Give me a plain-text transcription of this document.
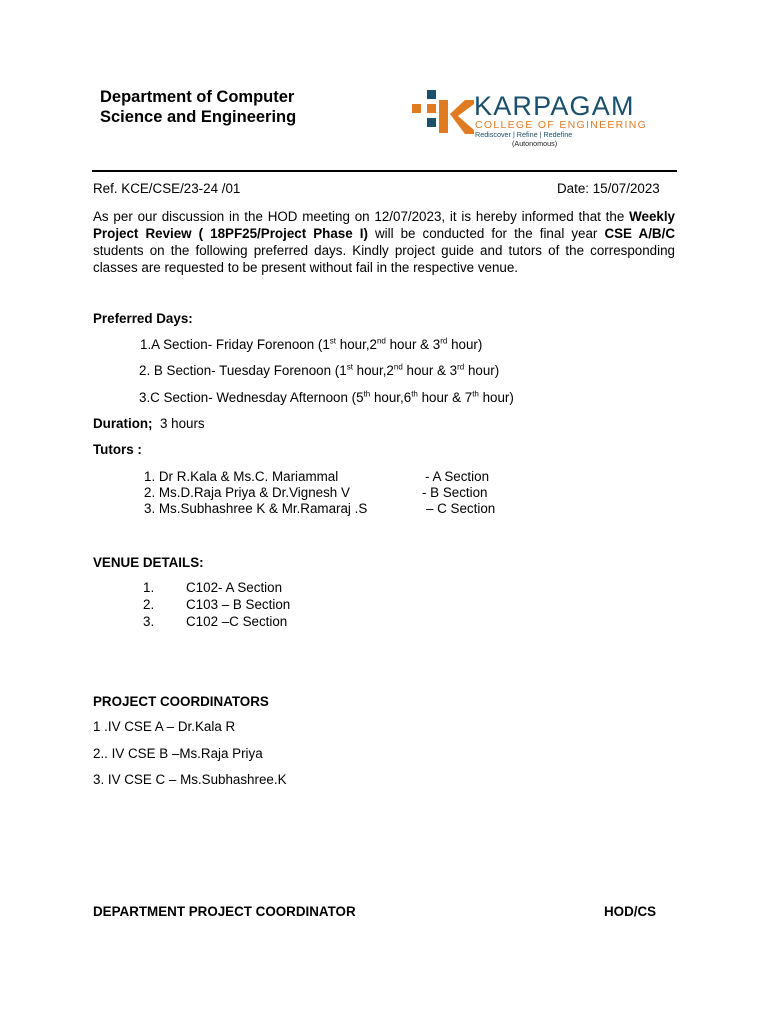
Department of Computer
Science and Engineering	KARPAGAM
COLLEGE OF ENGINEERING
Rediscover | Refine | Redefine
(Autonomous)
Ref. KCE/CSE/23-24 /01	Date: 15/07/2023
As per our discussion in the HOD meeting on 12/07/2023, it is hereby informed that the Weekly Project Review ( 18PF25/Project Phase I) will be conducted for the final year CSE A/B/C students on the following preferred days. Kindly project guide and tutors of the corresponding classes are requested to be present without fail in the respective venue.
Preferred Days:
1.A Section- Friday Forenoon (1st hour,2nd hour & 3rd hour)
2. B Section- Tuesday Forenoon (1st hour,2nd hour & 3rd hour)
3.C Section- Wednesday Afternoon (5th hour,6th hour & 7th hour)
Duration; 3 hours
Tutors :
1. Dr R.Kala & Ms.C. Mariammal	- A Section
2. Ms.D.Raja Priya & Dr.Vignesh V	- B Section
3. Ms.Subhashree K & Mr.Ramaraj .S	– C Section
VENUE DETAILS:
1. C102- A Section
2. C103 – B Section
3. C102 –C Section
PROJECT COORDINATORS
1 .IV CSE A – Dr.Kala R
2.. IV CSE B –Ms.Raja Priya
3. IV CSE C – Ms.Subhashree.K
DEPARTMENT PROJECT COORDINATOR	HOD/CS
